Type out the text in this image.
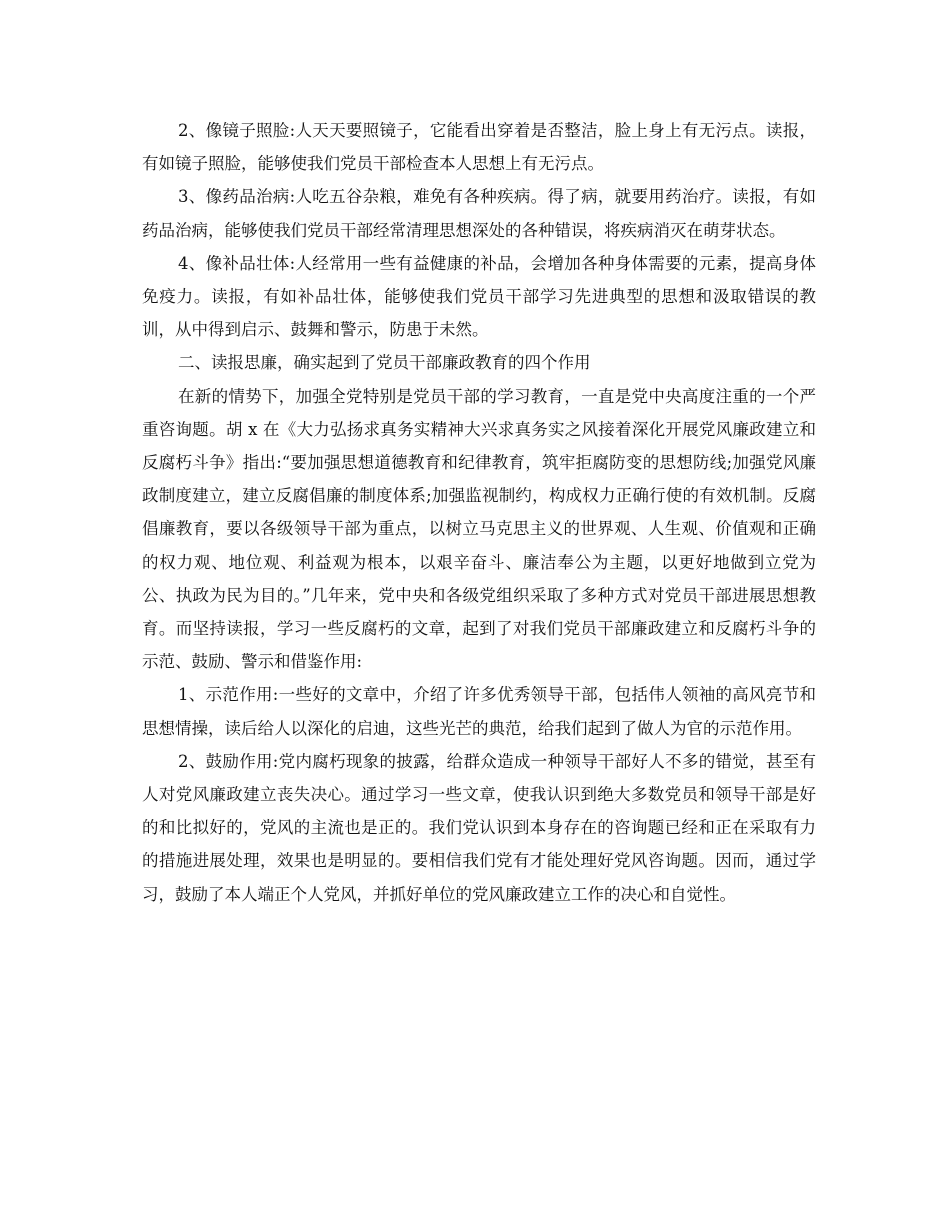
2、像镜子照脸:人天天要照镜子，它能看出穿着是否整洁，脸上身上有无污点。读报，有如镜子照脸，能够使我们党员干部检查本人思想上有无污点。

3、像药品治病:人吃五谷杂粮，难免有各种疾病。得了病，就要用药治疗。读报，有如药品治病，能够使我们党员干部经常清理思想深处的各种错误，将疾病消灭在萌芽状态。

4、像补品壮体:人经常用一些有益健康的补品，会增加各种身体需要的元素，提高身体免疫力。读报，有如补品壮体，能够使我们党员干部学习先进典型的思想和汲取错误的教训，从中得到启示、鼓舞和警示，防患于未然。

二、读报思廉，确实起到了党员干部廉政教育的四个作用

在新的情势下，加强全党特别是党员干部的学习教育，一直是党中央高度注重的一个严重咨询题。胡 x 在《大力弘扬求真务实精神大兴求真务实之风接着深化开展党风廉政建立和反腐朽斗争》指出:“要加强思想道德教育和纪律教育，筑牢拒腐防变的思想防线;加强党风廉政制度建立，建立反腐倡廉的制度体系;加强监视制约，构成权力正确行使的有效机制。反腐倡廉教育，要以各级领导干部为重点，以树立马克思主义的世界观、人生观、价值观和正确的权力观、地位观、利益观为根本，以艰辛奋斗、廉洁奉公为主题，以更好地做到立党为公、执政为民为目的。”几年来，党中央和各级党组织采取了多种方式对党员干部进展思想教育。而坚持读报，学习一些反腐朽的文章，起到了对我们党员干部廉政建立和反腐朽斗争的示范、鼓励、警示和借鉴作用:

1、示范作用:一些好的文章中，介绍了许多优秀领导干部，包括伟人领袖的高风亮节和思想情操，读后给人以深化的启迪，这些光芒的典范，给我们起到了做人为官的示范作用。

2、鼓励作用:党内腐朽现象的披露，给群众造成一种领导干部好人不多的错觉，甚至有人对党风廉政建立丧失决心。通过学习一些文章，使我认识到绝大多数党员和领导干部是好的和比拟好的，党风的主流也是正的。我们党认识到本身存在的咨询题已经和正在采取有力的措施进展处理，效果也是明显的。要相信我们党有才能处理好党风咨询题。因而，通过学习，鼓励了本人端正个人党风，并抓好单位的党风廉政建立工作的决心和自觉性。
